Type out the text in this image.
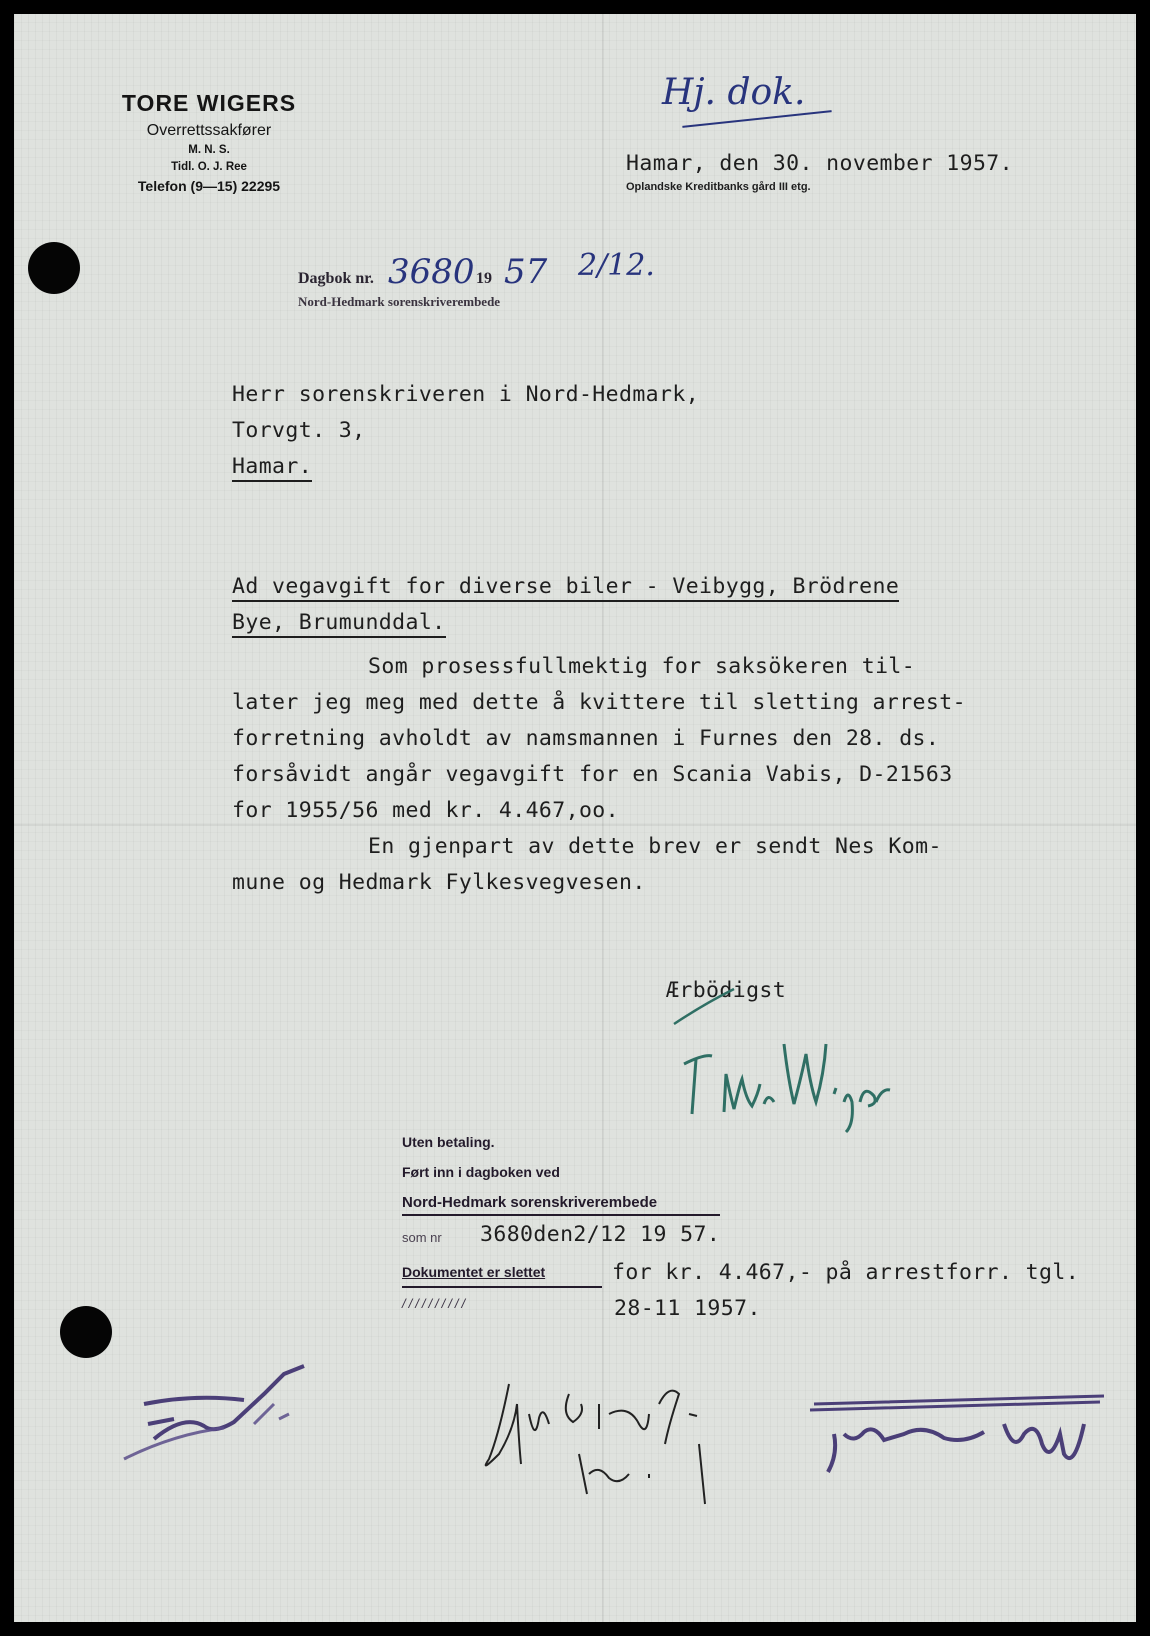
TORE WIGERS
Overrettssakfører
M. N. S.
Tidl. O. J. Ree
Telefon (9—15) 22295
Hj. dok.
Hamar, den 30. november 1957.
Oplandske Kreditbanks gård III etg.
Dagbok nr. 3680 19 57 2/12.
Nord-Hedmark sorenskriverembede
Herr sorenskriveren i Nord-Hedmark,
Torvgt. 3,
Hamar.
Ad vegavgift for diverse biler - Veibygg, Brödrene
Bye, Brumunddal.
Som prosessfullmektig for saksökeren til-
later jeg meg med dette å kvittere til sletting arrest-
forretning avholdt av namsmannen i Furnes den 28. ds.
forsåvidt angår vegavgift for en Scania Vabis, D-21563
for 1955/56 med kr. 4.467,oo.
En gjenpart av dette brev er sendt Nes Kom-
mune og Hedmark Fylkesvegvesen.
Ærbödigst
Uten betaling.
Ført inn i dagboken ved
Nord-Hedmark sorenskriverembede
som nr 3680den2/12 19 57.
Dokumentet er slettet	for kr. 4.467,- på arrestforr. tgl.
//////////	28-11 1957.
